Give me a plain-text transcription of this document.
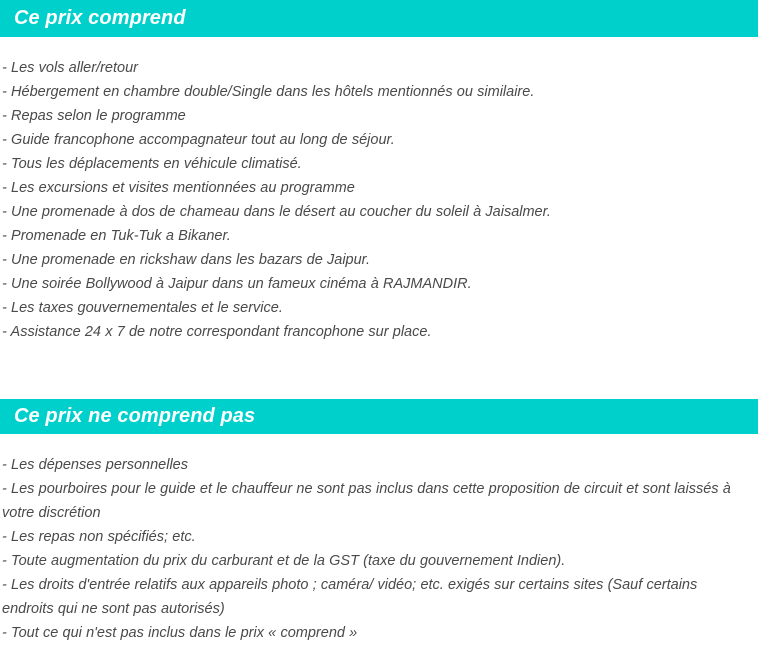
Ce prix comprend

- Les vols aller/retour

- Hébergement en chambre double/Single dans les hôtels mentionnés ou similaire.

- Repas selon le programme

- Guide francophone accompagnateur tout au long de séjour.

- Tous les déplacements en véhicule climatisé.

- Les excursions et visites mentionnées au programme

- Une promenade à dos de chameau dans le désert au coucher du soleil à Jaisalmer.

- Promenade en Tuk-Tuk a Bikaner.

- Une promenade en rickshaw dans les bazars de Jaipur.

- Une soirée Bollywood à Jaipur dans un fameux cinéma à RAJMANDIR.

- Les taxes gouvernementales et le service.

- Assistance 24 x 7 de notre correspondant francophone sur place.

Ce prix ne comprend pas

- Les dépenses personnelles

- Les pourboires pour le guide et le chauffeur ne sont pas inclus dans cette proposition de circuit et sont laissés à votre discrétion

- Les repas non spécifiés; etc.

- Toute augmentation du prix du carburant et de la GST (taxe du gouvernement Indien).

- Les droits d'entrée relatifs aux appareils photo ; caméra/ vidéo; etc. exigés sur certains sites (Sauf certains endroits qui ne sont pas autorisés)

- Tout ce qui n'est pas inclus dans le prix « comprend »
